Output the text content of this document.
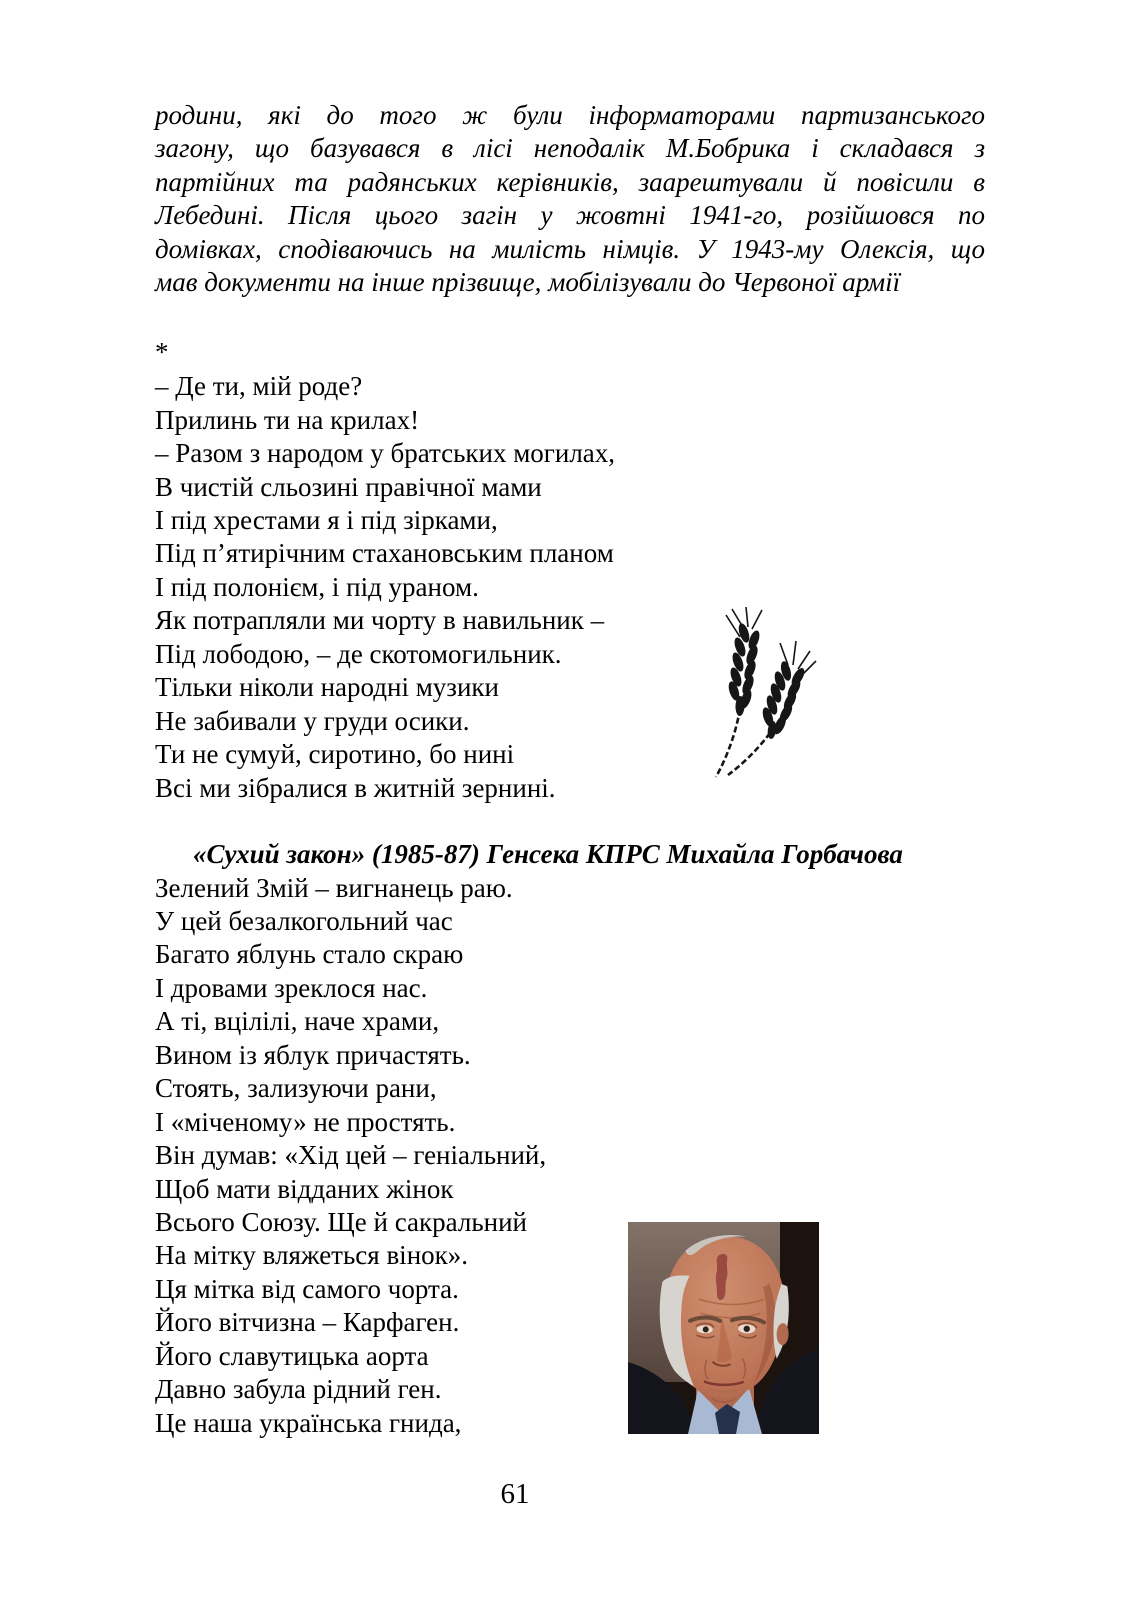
родини, які до того ж були інформаторами партизанського
загону, що базувався в лісі неподалік М.Бобрика і складався з
партійних та радянських керівників, заарештували й повісили в
Лебедині. Після цього загін у жовтні 1941-го, розійшовся по
домівках, сподіваючись на милість німців. У 1943-му Олексія, що
мав документи на інше прізвище, мобілізували до Червоної армії
*
– Де ти, мій роде?
Прилинь ти на крилах!
– Разом з народом у братських могилах,
В чистій сльозині правічної мами
І під хрестами я і під зірками,
Під п’ятирічним стахановським планом
І під полонієм, і під ураном.
Як потрапляли ми чорту в навильник –
Під лободою, – де скотомогильник.
Тільки ніколи народні музики
Не забивали у груди осики.
Ти не сумуй, сиротино, бо нині
Всі ми зібралися в житній зернині.
«Сухий закон» (1985-87) Генсека КПРС Михайла Горбачова
Зелений Змій – вигнанець раю.
У цей безалкогольний час
Багато яблунь стало скраю
І дровами зреклося нас.
А ті, вцілілі, наче храми,
Вином із яблук причастять.
Стоять, зализуючи рани,
І «міченому» не простять.
Він думав: «Хід цей – геніальний,
Щоб мати відданих жінок
Всього Союзу. Ще й сакральний
На мітку вляжеться вінок».
Ця мітка від самого чорта.
Його вітчизна – Карфаген.
Його славутицька аорта
Давно забула рідний ген.
Це наша українська гнида,
61
